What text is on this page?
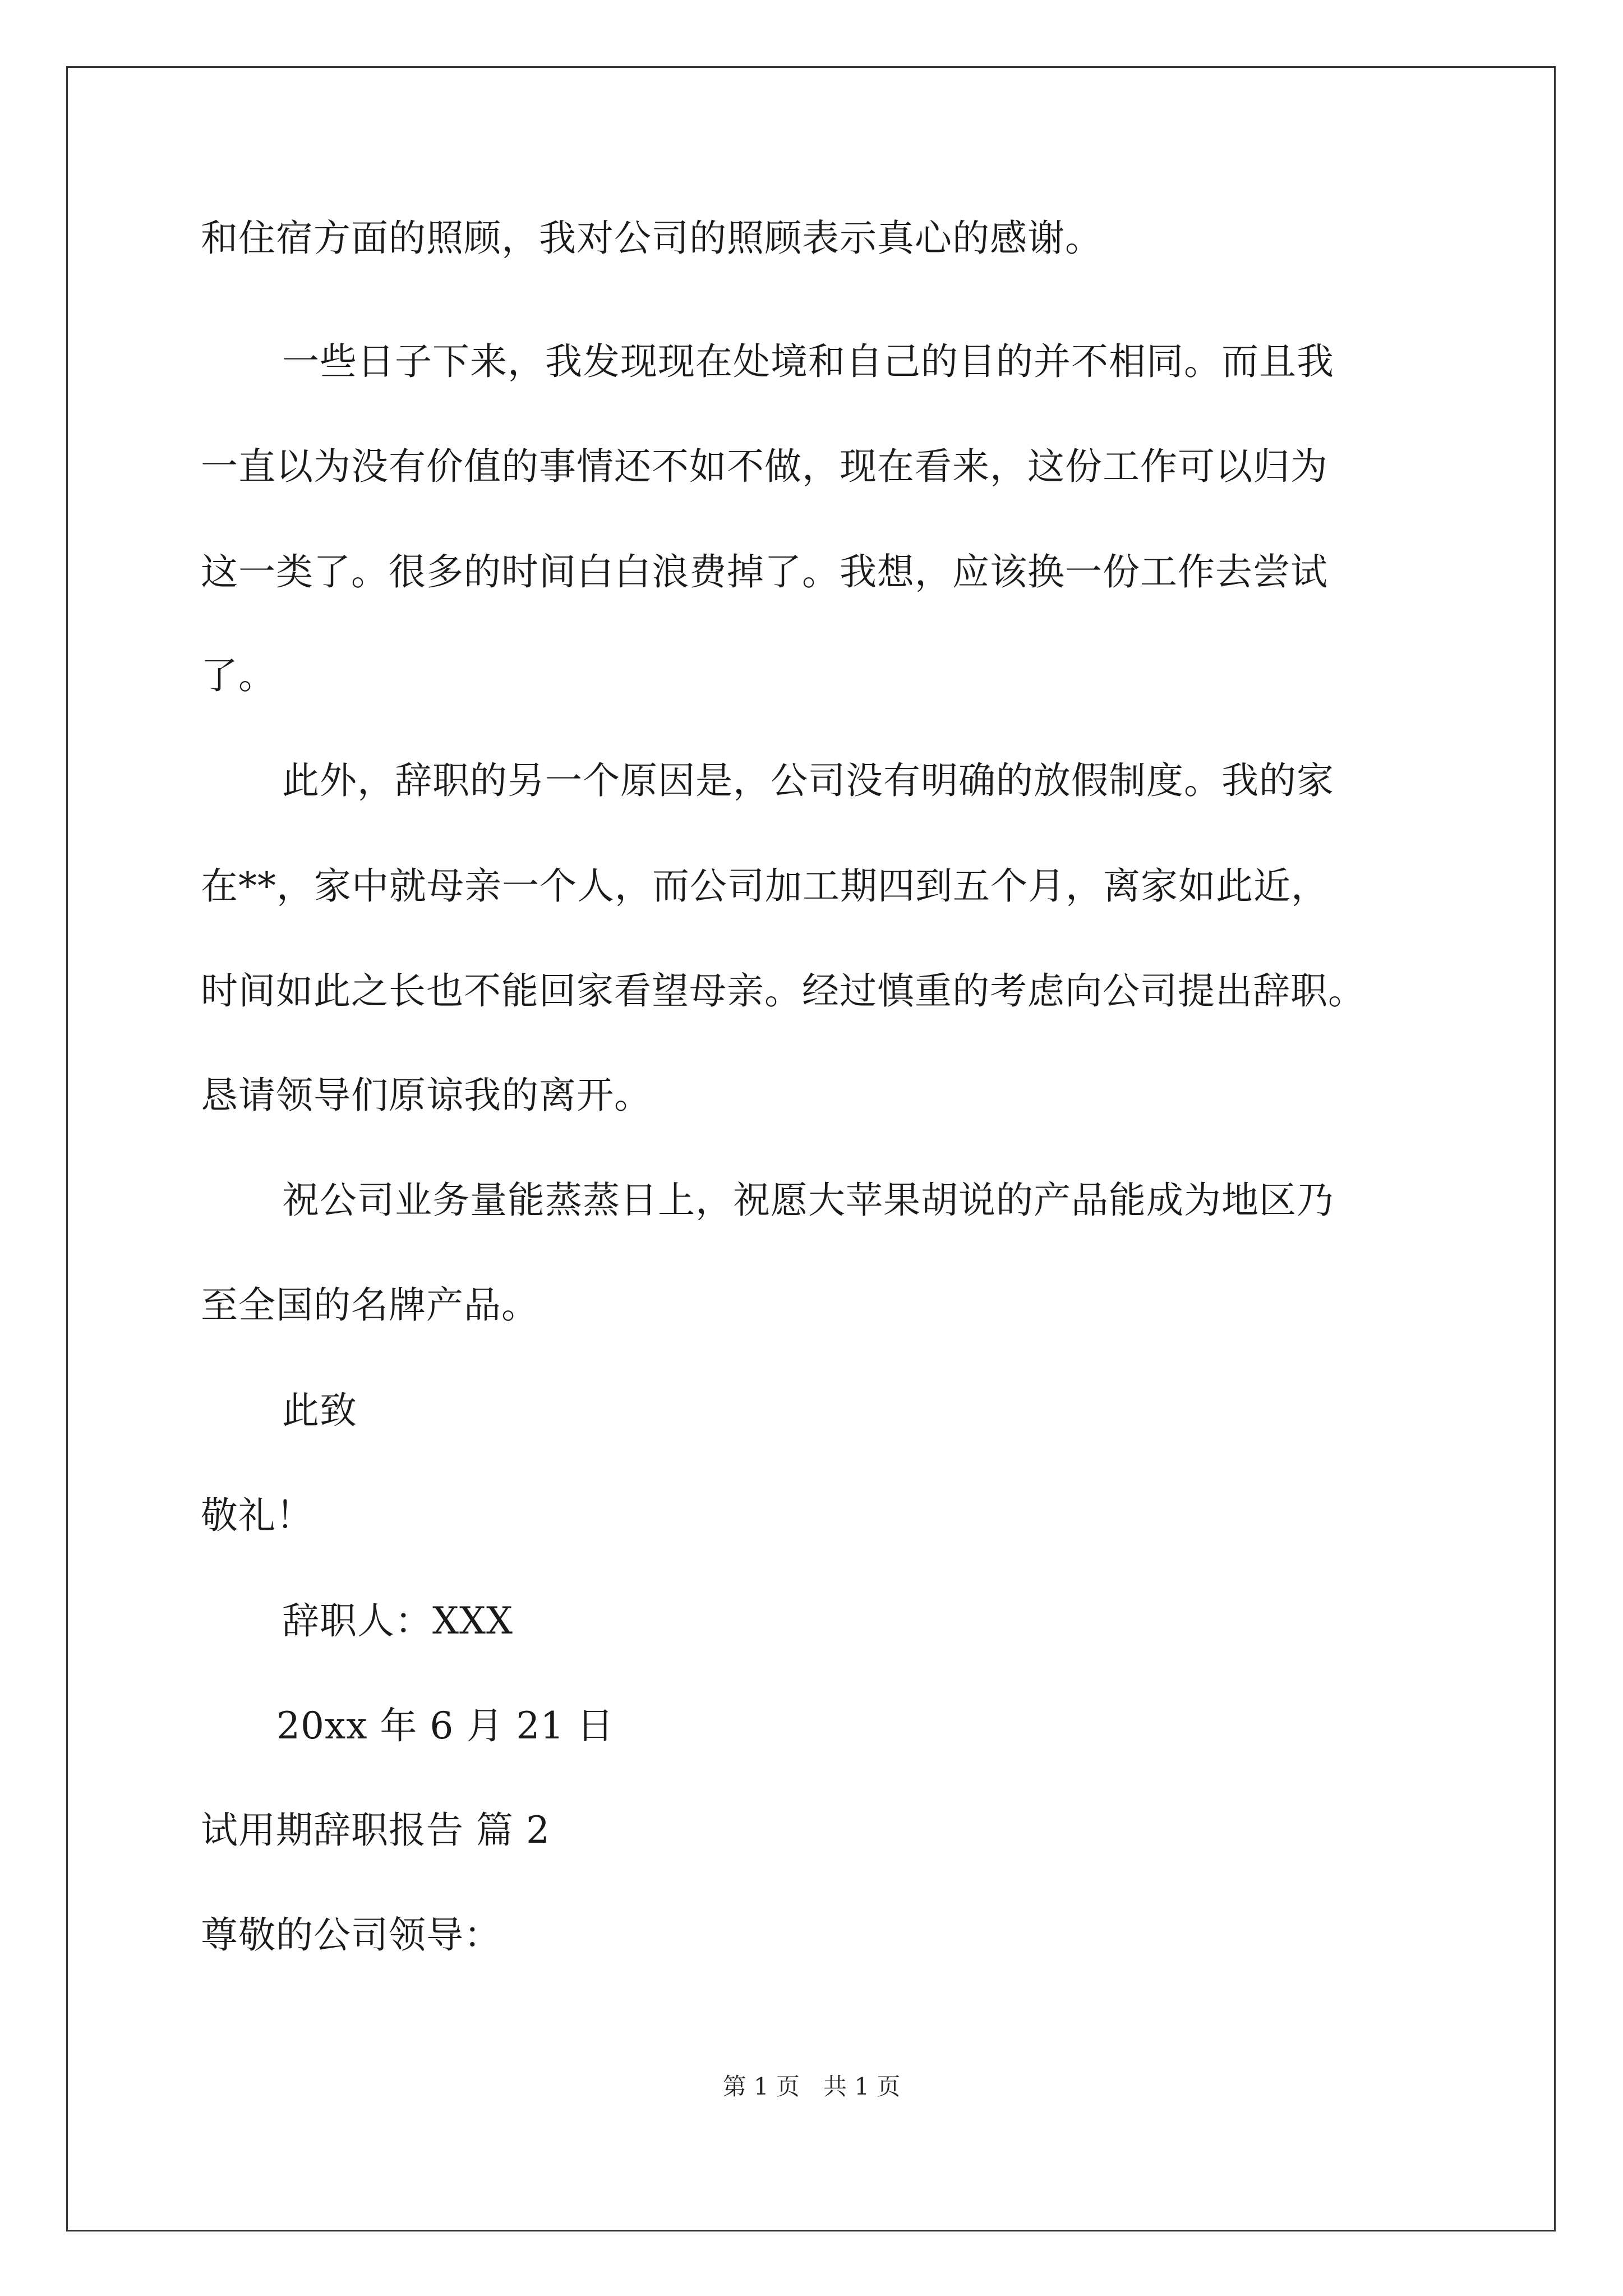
和住宿方面的照顾，我对公司的照顾表示真心的感谢。
一些日子下来，我发现现在处境和自己的目的并不相同。而且我
一直以为没有价值的事情还不如不做，现在看来，这份工作可以归为
这一类了。很多的时间白白浪费掉了。我想，应该换一份工作去尝试
了。
此外，辞职的另一个原因是，公司没有明确的放假制度。我的家
在**，家中就母亲一个人，而公司加工期四到五个月，离家如此近，
时间如此之长也不能回家看望母亲。经过慎重的考虑向公司提出辞职。
恳请领导们原谅我的离开。
祝公司业务量能蒸蒸日上，祝愿大苹果胡说的产品能成为地区乃
至全国的名牌产品。
此致
敬礼！
辞职人：XXX
20xx 年 6 月 21 日
试用期辞职报告 篇 2
尊敬的公司领导：
第 1 页　共 1 页
